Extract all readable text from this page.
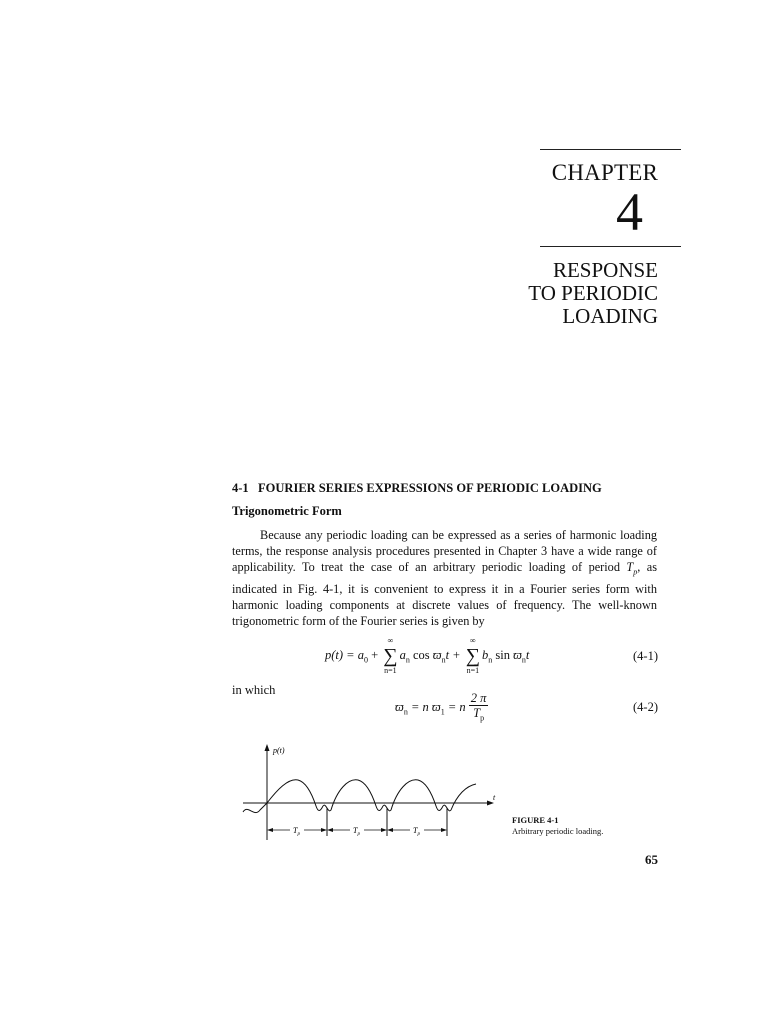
CHAPTER
4
RESPONSE
TO PERIODIC
LOADING
4-1   FOURIER SERIES EXPRESSIONS OF PERIODIC LOADING
Trigonometric Form
Because any periodic loading can be expressed as a series of harmonic loading terms, the response analysis procedures presented in Chapter 3 have a wide range of applicability. To treat the case of an arbitrary periodic loading of period $T_p$, as indicated in Fig. 4-1, it is convenient to express it in a Fourier series form with harmonic loading components at discrete values of frequency. The well-known trigonometric form of the Fourier series is given by
$p(t) = a_0$ +
∞
∑
n=1
$a_n$ $\cos ϖ_nt$ +
∞
∑
n=1
$b_n$ $\sin ϖ_nt$	(4-1)
in which
$ϖ_n = n$ $ϖ_1 = n \frac{2 \pi}{T_p}$	(4-2)
p(t)
t
$T_p$	$T_p$	$T_p$
FIGURE 4-1
Arbitrary periodic loading.
65
